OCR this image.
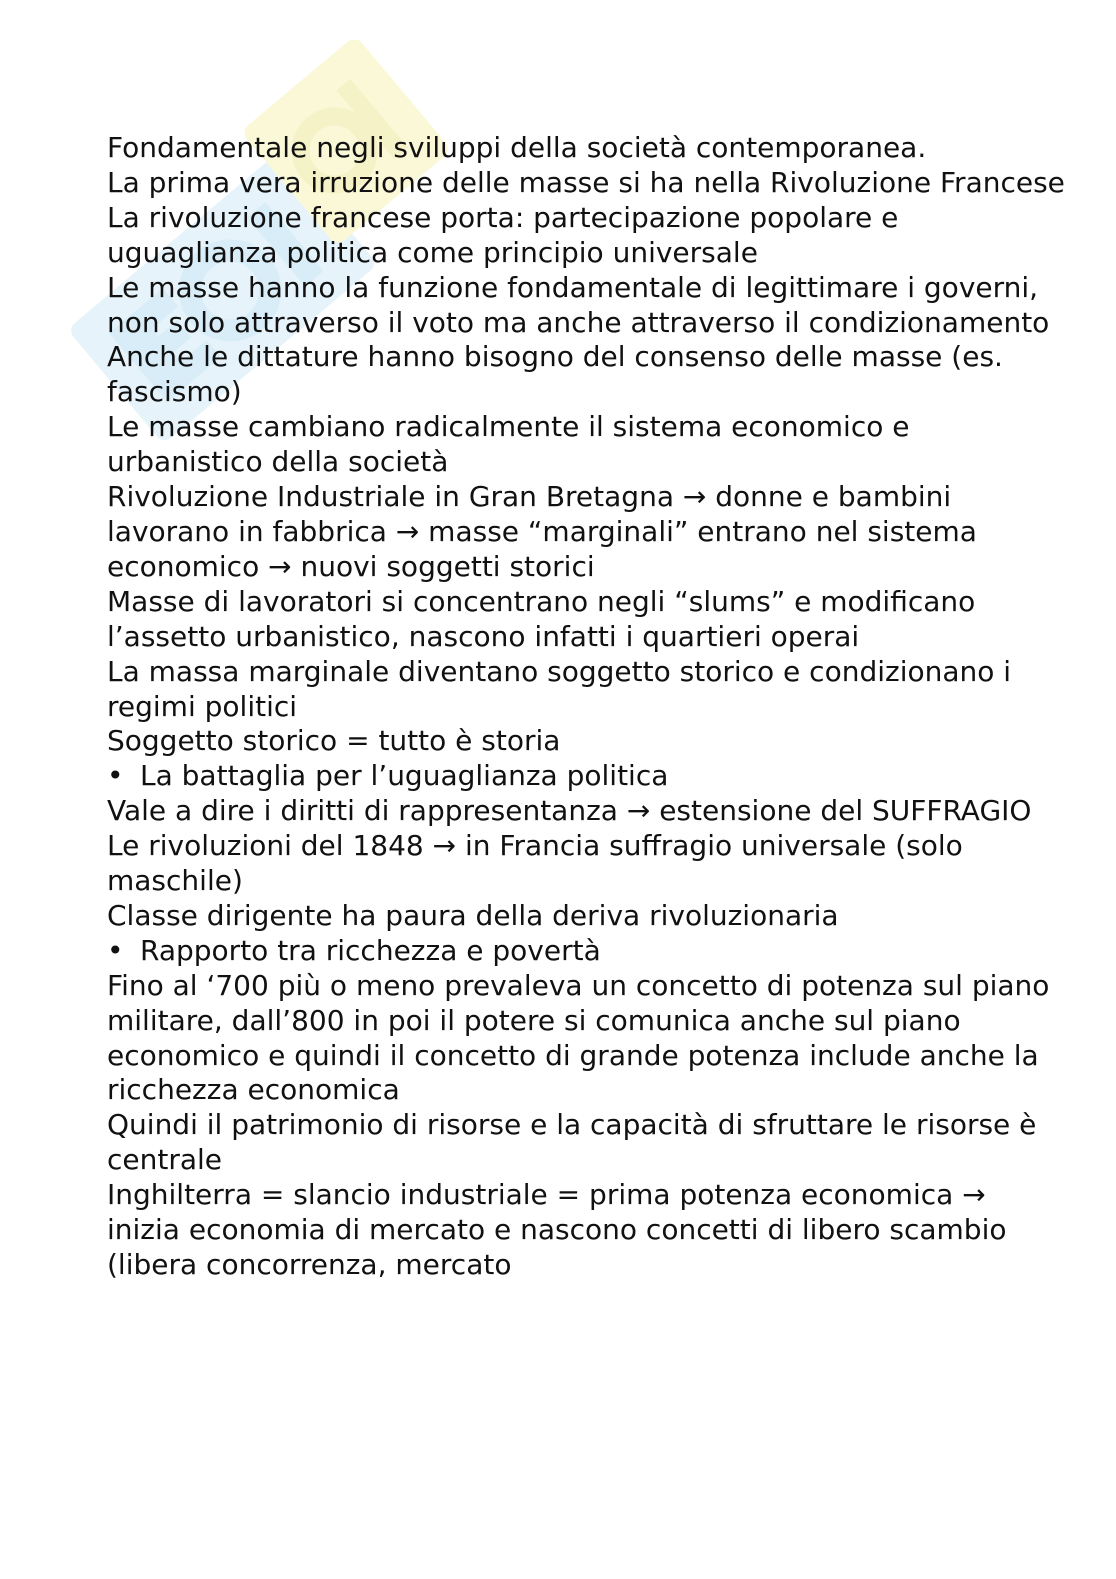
Fondamentale negli sviluppi della società contemporanea.

La prima vera irruzione delle masse si ha nella Rivoluzione Francese

La rivoluzione francese porta: partecipazione popolare e uguaglianza politica come principio universale

Le masse hanno la funzione fondamentale di legittimare i governi, non solo attraverso il voto ma anche attraverso il condizionamento

Anche le dittature hanno bisogno del consenso delle masse (es. fascismo)

Le masse cambiano radicalmente il sistema economico e urbanistico della società

Rivoluzione Industriale in Gran Bretagna → donne e bambini lavorano in fabbrica → masse “marginali” entrano nel sistema economico → nuovi soggetti storici

Masse di lavoratori si concentrano negli “slums” e modificano l’assetto urbanistico, nascono infatti i quartieri operai

La massa marginale diventano soggetto storico e condizionano i regimi politici

Soggetto storico = tutto è storia

• La battaglia per l’uguaglianza politica

Vale a dire i diritti di rappresentanza → estensione del SUFFRAGIO

Le rivoluzioni del 1848 → in Francia suffragio universale (solo maschile)

Classe dirigente ha paura della deriva rivoluzionaria

• Rapporto tra ricchezza e povertà

Fino al ‘700 più o meno prevaleva un concetto di potenza sul piano militare, dall’800 in poi il potere si comunica anche sul piano economico e quindi il concetto di grande potenza include anche la ricchezza economica

Quindi il patrimonio di risorse e la capacità di sfruttare le risorse è centrale

Inghilterra = slancio industriale = prima potenza economica → inizia economia di mercato e nascono concetti di libero scambio (libera concorrenza, mercato
